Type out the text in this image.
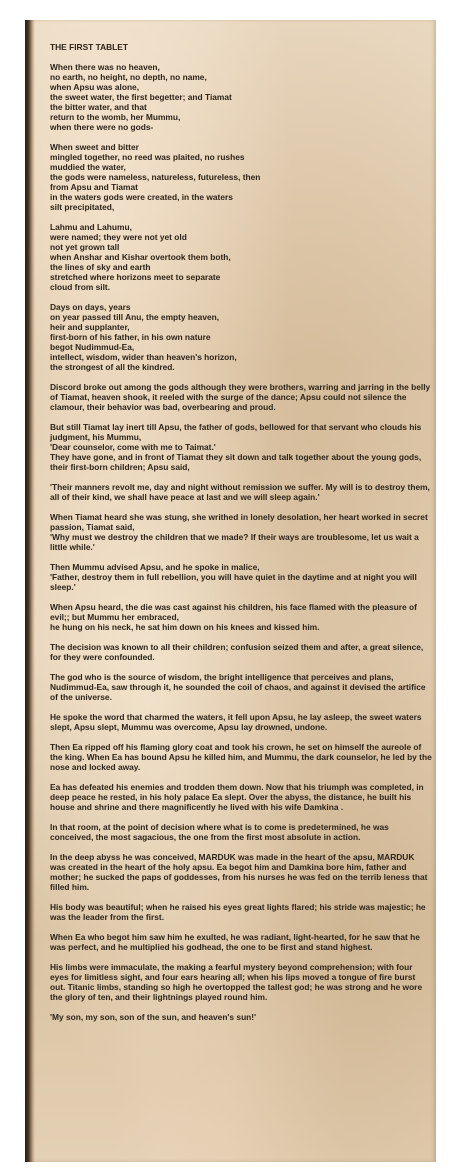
THE FIRST TABLET

When there was no heaven,
no earth, no height, no depth, no name,
when Apsu was alone,
the sweet water, the first begetter; and Tiamat
the bitter water, and that
return to the womb, her Mummu,
when there were no gods-

When sweet and bitter
mingled together, no reed was plaited, no rushes
muddied the water,
the gods were nameless, natureless, futureless, then
from Apsu and Tiamat
in the waters gods were created, in the waters
silt precipitated,

Lahmu and Lahumu,
were named; they were not yet old
not yet grown tall
when Anshar and Kishar overtook them both,
the lines of sky and earth
stretched where horizons meet to separate
cloud from silt.

Days on days, years
on year passed till Anu, the empty heaven,
heir and supplanter,
first-born of his father, in his own nature
begot Nudimmud-Ea,
intellect, wisdom, wider than heaven's horizon,
the strongest of all the kindred.

Discord broke out among the gods although they were brothers, warring and jarring in the belly of Tiamat, heaven shook, it reeled with the surge of the dance; Apsu could not silence the clamour, their behavior was bad, overbearing and proud.

But still Tiamat lay inert till Apsu, the father of gods, bellowed for that servant who clouds his judgment, his Mummu,
'Dear counselor, come with me to Taimat.'
They have gone, and in front of Tiamat they sit down and talk together about the young gods, their first-born children; Apsu said,

'Their manners revolt me, day and night without remission we suffer. My will is to destroy them, all of their kind, we shall have peace at last and we will sleep again.'

When Tiamat heard she was stung, she writhed in lonely desolation, her heart worked in secret passion, Tiamat said,
'Why must we destroy the children that we made? If their ways are troublesome, let us wait a little while.'

Then Mummu advised Apsu, and he spoke in malice,
'Father, destroy them in full rebellion, you will have quiet in the daytime and at night you will sleep.'

When Apsu heard, the die was cast against his children, his face flamed with the pleasure of evil;; but Mummu her embraced,
he hung on his neck, he sat him down on his knees and kissed him.

The decision was known to all their children; confusion seized them and after, a great silence, for they were confounded.

The god who is the source of wisdom, the bright intelligence that perceives and plans, Nudimmud-Ea, saw through it, he sounded the coil of chaos, and against it devised the artifice of the universe.

He spoke the word that charmed the waters, it fell upon Apsu, he lay asleep, the sweet waters slept, Apsu slept, Mummu was overcome, Apsu lay drowned, undone.

Then Ea ripped off his flaming glory coat and took his crown, he set on himself the aureole of the king. When Ea has bound Apsu he killed him, and Mummu, the dark counselor, he led by the nose and locked away.

Ea has defeated his enemies and trodden them down. Now that his triumph was completed, in deep peace he rested, in his holy palace Ea slept. Over the abyss, the distance, he built his house and shrine and there magnificently he lived with his wife Damkina .

In that room, at the point of decision where what is to come is predetermined, he was conceived, the most sagacious, the one from the first most absolute in action.

In the deep abyss he was conceived, MARDUK was made in the heart of the apsu, MARDUK was created in the heart of the holy apsu. Ea begot him and Damkina bore him, father and mother; he sucked the paps of goddesses, from his nurses he was fed on the terrib leness that filled him.

His body was beautiful; when he raised his eyes great lights flared; his stride was majestic; he was the leader from the first.

When Ea who begot him saw him he exulted, he was radiant, light-hearted, for he saw that he was perfect, and he multiplied his godhead, the one to be first and stand highest.

His limbs were immaculate, the making a fearful mystery beyond comprehension; with four eyes for limitless sight, and four ears hearing all; when his lips moved a tongue of fire burst out. Titanic limbs, standing so high he overtopped the tallest god; he was strong and he wore the glory of ten, and their lightnings played round him.

'My son, my son, son of the sun, and heaven's sun!'
